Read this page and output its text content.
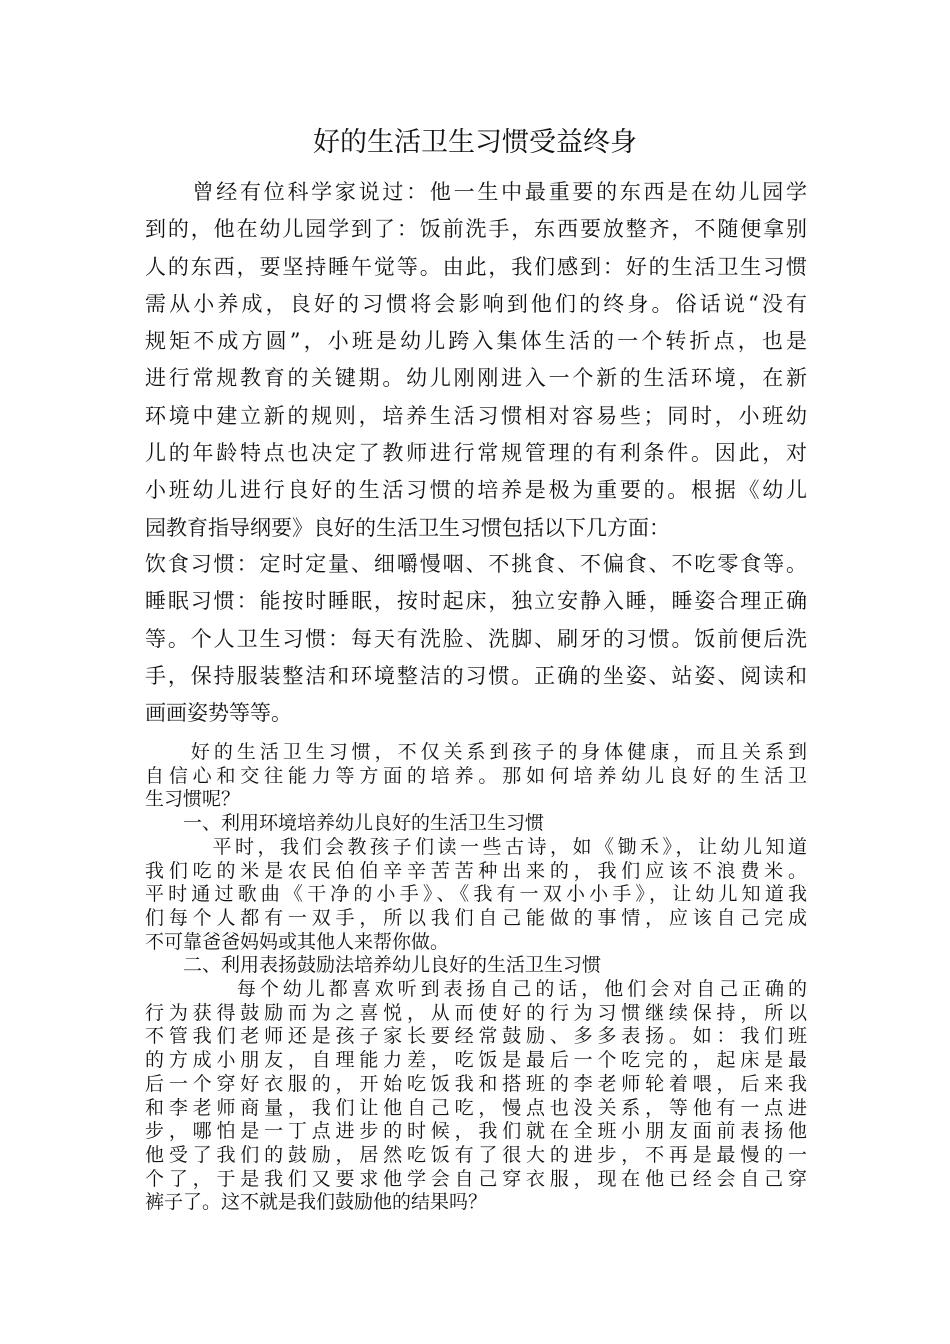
好的生活卫生习惯受益终身
　　曾经有位科学家说过：他一生中最重要的东西是在幼儿园学
到的，他在幼儿园学到了：饭前洗手，东西要放整齐，不随便拿别
人的东西，要坚持睡午觉等。由此，我们感到：好的生活卫生习惯
需从小养成，良好的习惯将会影响到他们的终身。俗话说“没有
规矩不成方圆”，小班是幼儿跨入集体生活的一个转折点，也是
进行常规教育的关键期。幼儿刚刚进入一个新的生活环境，在新
环境中建立新的规则，培养生活习惯相对容易些；同时，小班幼
儿的年龄特点也决定了教师进行常规管理的有利条件。因此，对
小班幼儿进行良好的生活习惯的培养是极为重要的。根据《幼儿
园教育指导纲要》良好的生活卫生习惯包括以下几方面：
饮食习惯：定时定量、细嚼慢咽、不挑食、不偏食、不吃零食等。
睡眠习惯：能按时睡眠，按时起床，独立安静入睡，睡姿合理正确
等。个人卫生习惯：每天有洗脸、洗脚、刷牙的习惯。饭前便后洗
手，保持服装整洁和环境整洁的习惯。正确的坐姿、站姿、阅读和
画画姿势等等。
　　好的生活卫生习惯，不仅关系到孩子的身体健康，而且关系到
自信心和交往能力等方面的培养。那如何培养幼儿良好的生活卫
生习惯呢？
　　一、利用环境培养幼儿良好的生活卫生习惯
　　　平时，我们会教孩子们读一些古诗，如《锄禾》，让幼儿知道
我们吃的米是农民伯伯辛辛苦苦种出来的，我们应该不浪费米。
平时通过歌曲《干净的小手》、《我有一双小小手》，让幼儿知道我
们每个人都有一双手，所以我们自己能做的事情，应该自己完成
不可靠爸爸妈妈或其他人来帮你做。
　　二、利用表扬鼓励法培养幼儿良好的生活卫生习惯
　　　　每个幼儿都喜欢听到表扬自己的话，他们会对自己正确的
行为获得鼓励而为之喜悦，从而使好的行为习惯继续保持，所以
不管我们老师还是孩子家长要经常鼓励、多多表扬。如：我们班
的方成小朋友，自理能力差，吃饭是最后一个吃完的，起床是最
后一个穿好衣服的，开始吃饭我和搭班的李老师轮着喂，后来我
和李老师商量，我们让他自己吃，慢点也没关系，等他有一点进
步，哪怕是一丁点进步的时候，我们就在全班小朋友面前表扬他
他受了我们的鼓励，居然吃饭有了很大的进步，不再是最慢的一
个了，于是我们又要求他学会自己穿衣服，现在他已经会自己穿
裤子了。这不就是我们鼓励他的结果吗？
